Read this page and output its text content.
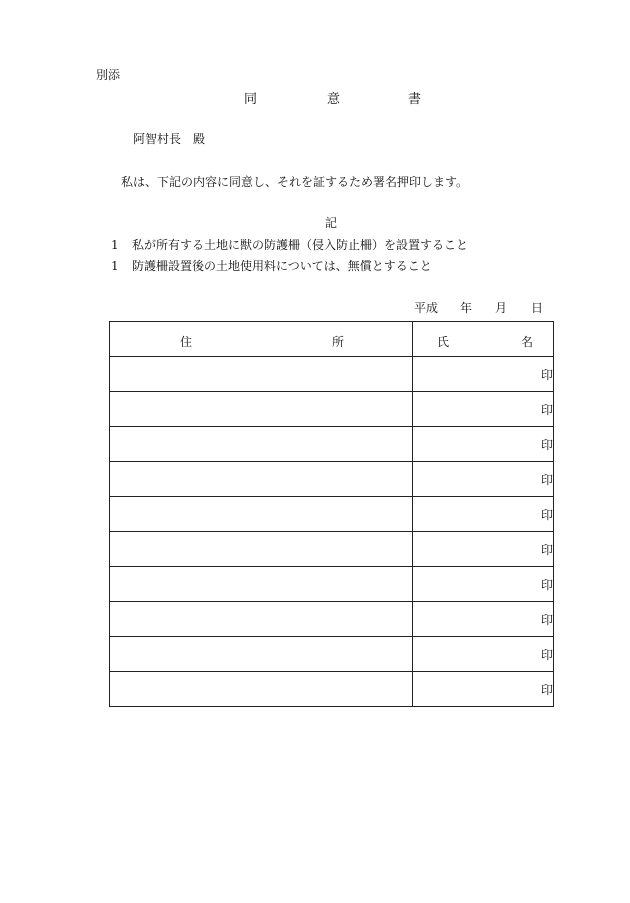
別添
同	意	書
阿智村長　殿
私は、下記の内容に同意し、それを証するため署名押印します。
記
1 私が所有する土地に獣の防護柵（侵入防止柵）を設置すること
1 防護柵設置後の土地使用料については、無償とすること
平成 年 月 日
住 所	氏 名

	印
	印
	印
	印
	印
	印
	印
	印
	印
	印
